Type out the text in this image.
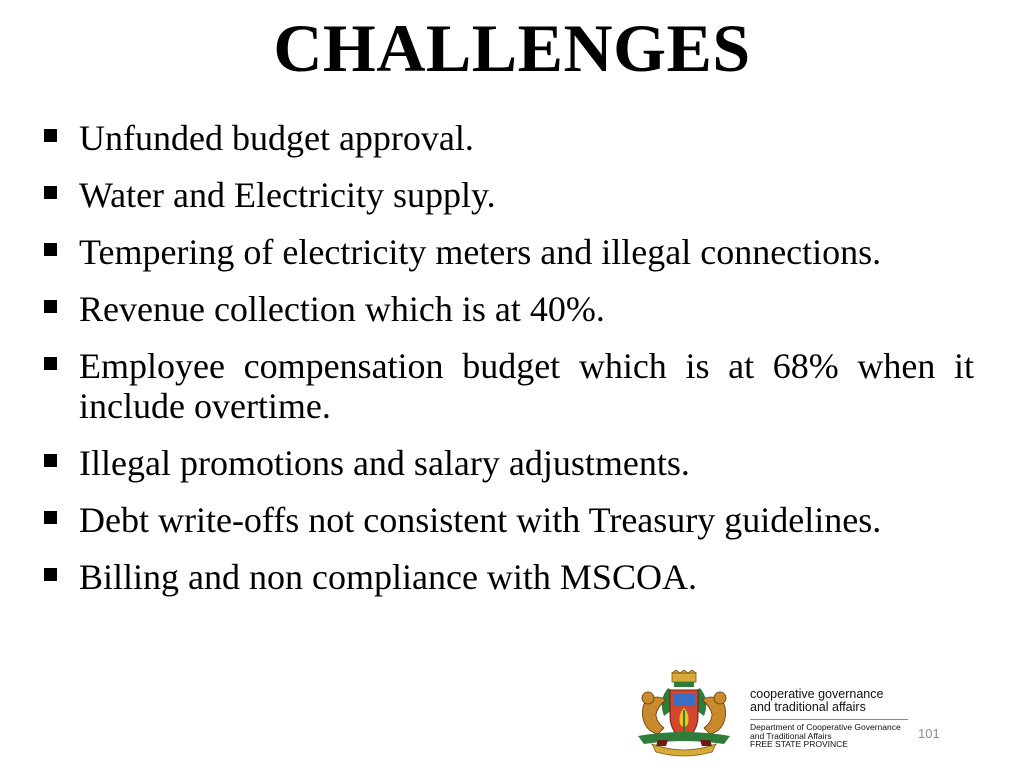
CHALLENGES
Unfunded budget approval.
Water and Electricity supply.
Tempering of electricity meters and illegal connections.
Revenue collection which is at 40%.
Employee compensation budget which is at 68% when it include overtime.
Illegal promotions and salary adjustments.
Debt write-offs not consistent with Treasury guidelines.
Billing and non compliance with MSCOA.
cooperative governance
and traditional affairs
Department of Cooperative Governance
and Traditional Affairs
FREE STATE PROVINCE
101
